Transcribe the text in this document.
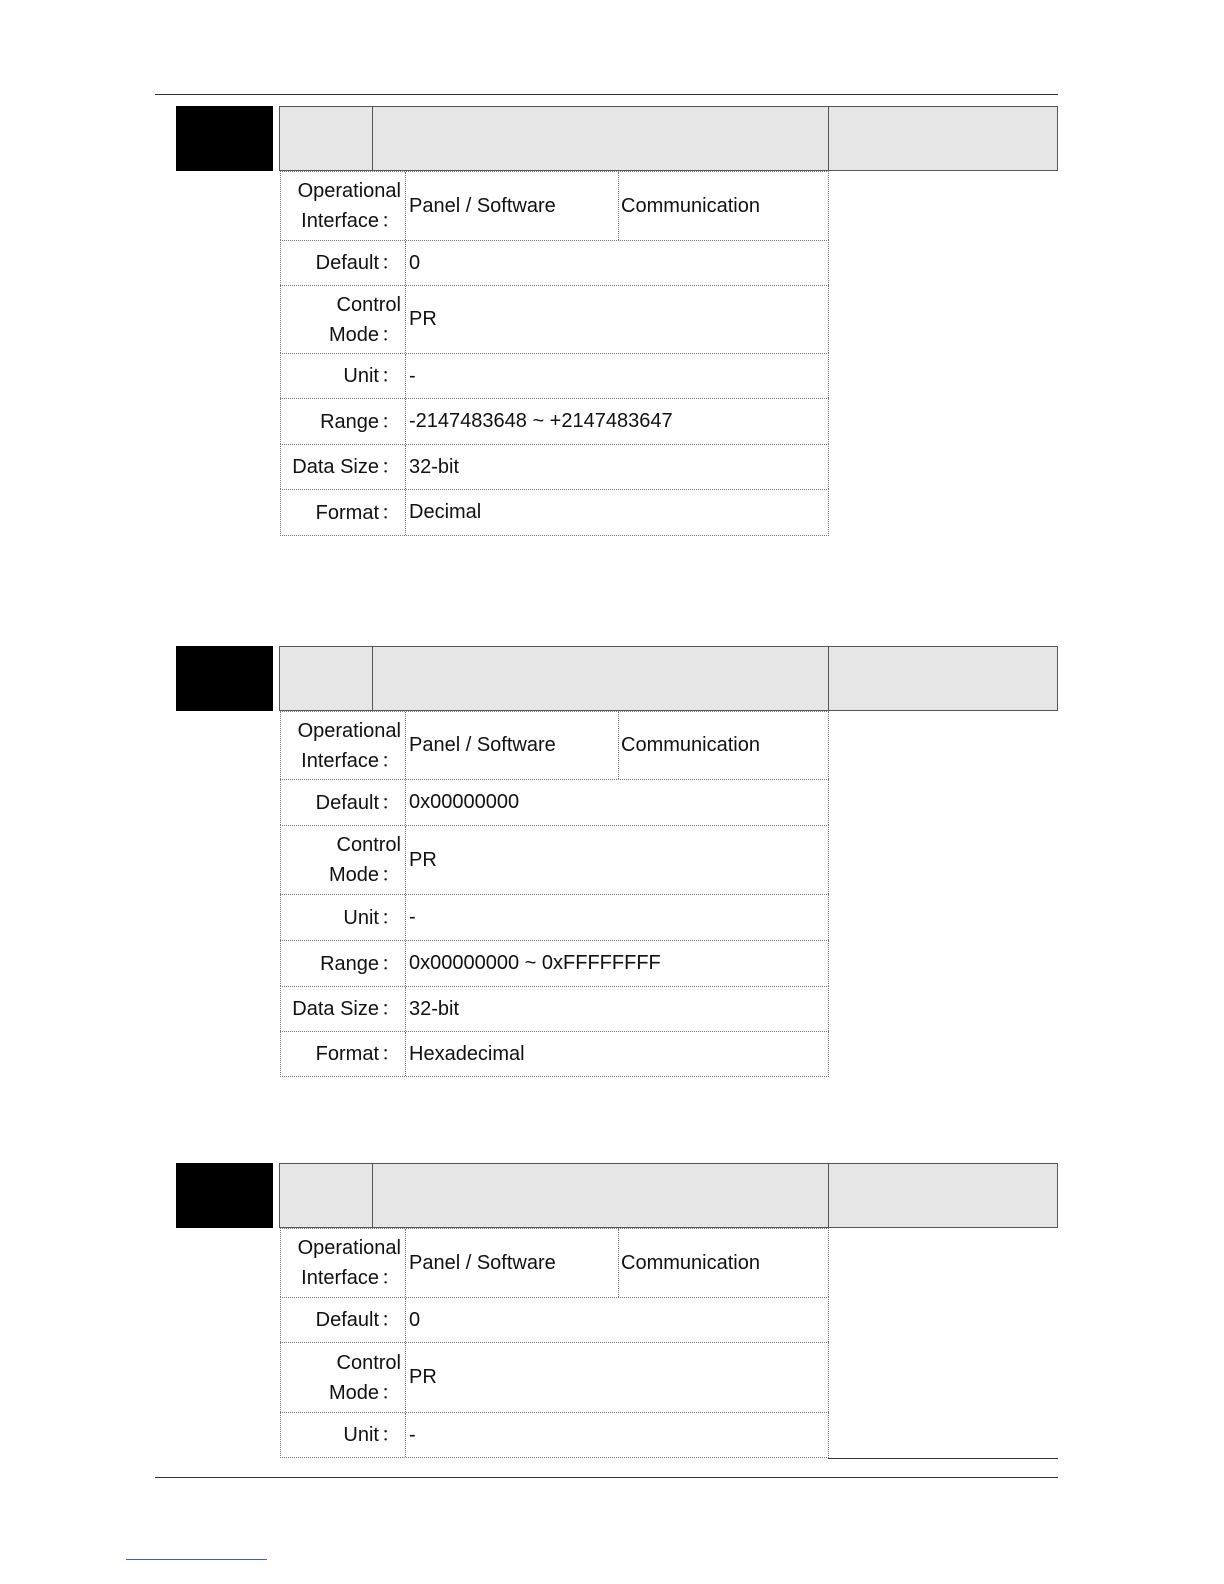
Operational
Interface ：
Panel / Software	Communication
Default ： 0
Control
Mode ：
PR
Unit ： -
Range ： -2147483648 ~ +2147483647
Data Size ： 32-bit
Format ： Decimal
Operational
Interface ：
Panel / Software	Communication
Default ： 0x00000000
Control
Mode ：
PR
Unit ： -
Range ： 0x00000000 ~ 0xFFFFFFFF
Data Size ： 32-bit
Format ： Hexadecimal
Operational
Interface ：
Panel / Software	Communication
Default ： 0
Control
Mode ：
PR
Unit ： -
